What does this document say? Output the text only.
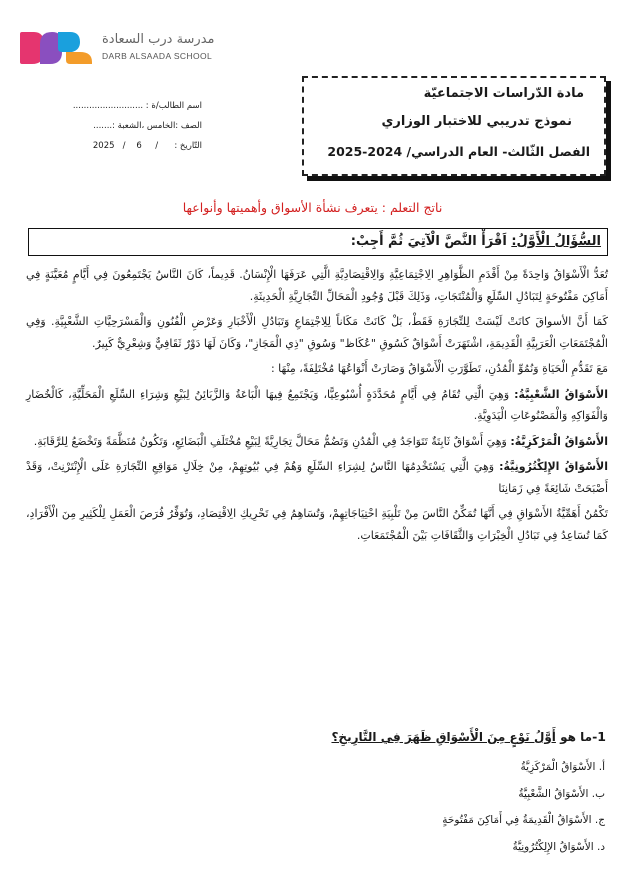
مدرسة درب السعادة
DARB ALSAADA SCHOOL
اسم الطالب/ة : ..........................
الصف :الخامس ،الشعبة :.......
التّاريخ :      /     6    /   2025
مادة الدّراسات الاجتماعيّة
نموذج تدريبي للاختبار الوزاري
الفصل الثّالث- العام الدراسي/ 2024-2025
ناتج التعلم : يتعرف نشأة الأسواق وأهميتها وأنواعها
السُّؤَالُ الْأَوَّلُ: اَقْرَأْ النَّصَّ الْآتِيَ ثُمَّ أَجِبْ:

تُعَدُّ الْأَسْوَاقُ وَاحِدَةً مِنْ أَقْدَمِ الظَّوَاهِرِ الِاجْتِمَاعِيَّةِ وَالِاقْتِصَادِيَّةِ الَّتِي عَرَفَهَا الْإِنْسَانُ. قَدِيماً، كَانَ النَّاسُ يَجْتَمِعُونَ فِي أَيَّامٍ مُعَيَّنَةٍ فِي أَمَاكِنَ مَفْتُوحَةٍ لِتَبَادُلِ السِّلَعِ وَالْمُنْتَجَاتِ، وَذَلِكَ قَبْلَ وُجُودِ الْمَحَالِّ التِّجَارِيَّةِ الْحَدِيثَةِ.

كَمَا أَنَّ الأسواقَ كانَتْ لَيْسَتْ لِلتِّجَارَةِ فَقَطْ، بَلْ كَانَتْ مَكَاناً لِلِاجْتِمَاعِ وَتَبَادُلِ الْأَخْبَارِ وَعَرْضِ الْفُنُونِ وَالْمَسْرَحِيَّاتِ الشَّعْبِيَّةِ. وَفِي الْمُجْتَمَعَاتِ الْعَرَبِيَّةِ الْقَدِيمَةِ، اشْتَهَرَتْ أَسْوَاقٌ كَسُوقِ "عُكَاظ" وَسُوقِ "ذِي الْمَجَازِ"، وَكَانَ لَهَا دَوْرٌ ثَقَافِيٌّ وَشِعْرِيٌّ كَبِيرٌ.

مَعَ تَقَدُّمِ الْحَيَاةِ وَنُمُوِّ الْمُدُنِ، تَطَوَّرَتِ الْأَسْوَاقُ وَصَارَتْ أَنْوَاعُهَا مُخْتَلِفَةً، مِنْهَا :

الأَسْوَاقُ الشَّعْبِيَّةُ: وَهِيَ الَّتِي تُقَامُ فِي أَيَّامٍ مُحَدَّدَةٍ أُسْبُوعِيًّا، وَيَجْتَمِعُ فِيهَا الْبَاعَةُ وَالزَّبَائِنُ لِبَيْعِ وَشِرَاءِ السِّلَعِ الْمَحَلِّيَّةِ، كَالْخُضَارِ وَالْفَوَاكِهِ وَالْمَصْنُوعَاتِ الْيَدَوِيَّةِ.

الأَسْوَاقُ الْمَرْكَزِيَّةُ: وَهِيَ أَسْوَاقٌ ثَابِتَةٌ تَتَوَاجَدُ فِي الْمُدُنِ وَتَضُمُّ مَحَالَّ تِجَارِيَّةً لِبَيْعِ مُخْتَلَفِ الْبَضَائِعِ، وَتَكُونُ مُنَظَّمَةً وَتَخْضَعُ لِلرَّقَابَةِ.

الأَسْوَاقُ الإِلِكْتُرُونِيَّةُ: وَهِيَ الَّتِي يَسْتَخْدِمُهَا النَّاسُ لِشِرَاءِ السِّلَعِ وَهُمْ فِي بُيُوتِهِمْ، مِنْ خِلَالِ مَوَاقِعِ التِّجَارَةِ عَلَى الْإِنْتَرْنِتْ، وَقَدْ أَصْبَحَتْ شَائِعَةً فِي زَمَانِنَا

تَكْمُنُ أَهَمِّيَّةُ الأَسْوَاقِ فِي أَنَّهَا تُمَكِّنُ النَّاسَ مِنْ تَلْبِيَةِ احْتِيَاجَاتِهِمْ، وَتُسَاهِمُ فِي تَحْرِيكِ الِاقْتِصَادِ، وَتُوَفِّرُ فُرَصَ الْعَمَلِ لِلْكَثِيرِ مِنَ الْأَفْرَادِ، كَمَا تُسَاعِدُ فِي تَبَادُلِ الْخِبْرَاتِ وَالثَّقَافَاتِ بَيْنَ الْمُجْتَمَعَاتِ.

1-ما هو أَوَّلُ نَوْعٍ مِنَ الْأَسْوَاقِ ظَهَرَ فِي التَّارِيخِ؟
أ. الأَسْوَاقُ الْمَرْكَزِيَّةُ
ب. الأَسْوَاقُ الشَّعْبِيَّةُ
ج. الأَسْوَاقُ الْقَدِيمَةُ فِي أَمَاكِنَ مَفْتُوحَةٍ
د. الأَسْوَاقُ الإِلِكْتُرُونِيَّةُ
